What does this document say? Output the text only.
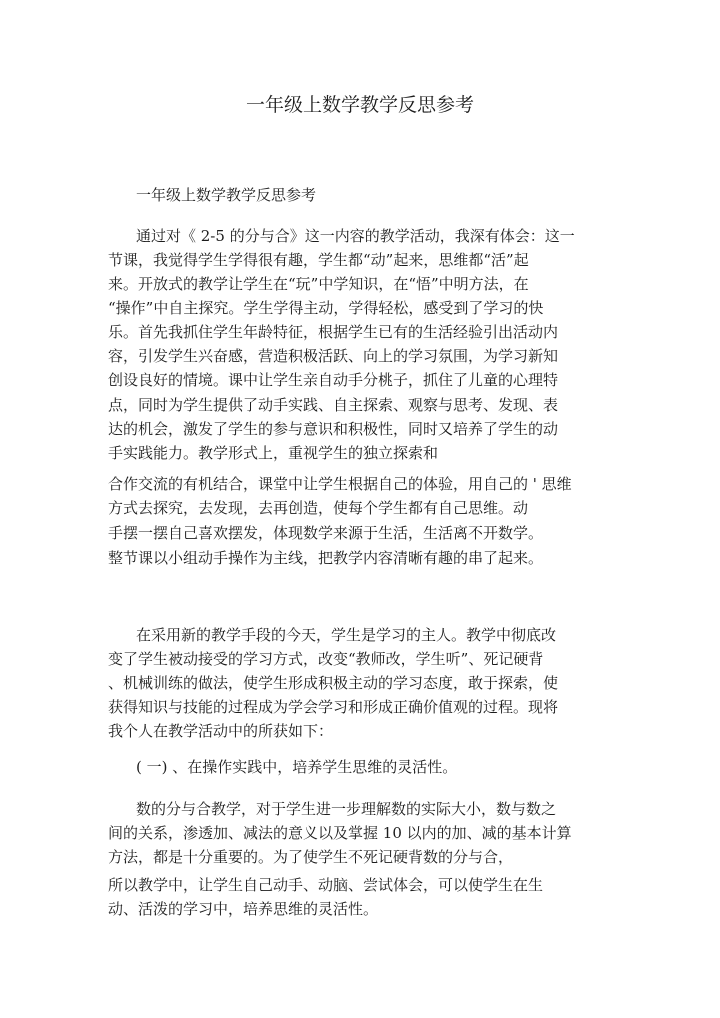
一年级上数学教学反思参考

一年级上数学教学反思参考

通过对《 2-5 的分与合》这一内容的教学活动，我深有体会：这一

节课，我觉得学生学得很有趣，学生都“动”起来，思维都“活”起

来。开放式的教学让学生在“玩”中学知识，在“悟”中明方法，在

“操作”中自主探究。学生学得主动，学得轻松，感受到了学习的快

乐。首先我抓住学生年龄特征，根据学生已有的生活经验引出活动内

容，引发学生兴奋感，营造积极活跃、向上的学习氛围，为学习新知

创设良好的情境。课中让学生亲自动手分桃子，抓住了儿童的心理特

点，同时为学生提供了动手实践、自主探索、观察与思考、发现、表

达的机会，激发了学生的参与意识和积极性，同时又培养了学生的动

手实践能力。教学形式上，重视学生的独立探索和

合作交流的有机结合，课堂中让学生根据自己的体验，用自己的 ' 思维

方式去探究，去发现，去再创造，使每个学生都有自己思维。动

手摆一摆自己喜欢摆发，体现数学来源于生活，生活离不开数学。

整节课以小组动手操作为主线，把教学内容清晰有趣的串了起来。

在采用新的教学手段的今天，学生是学习的主人。教学中彻底改

变了学生被动接受的学习方式，改变“教师改，学生听”、死记硬背

、机械训练的做法，使学生形成积极主动的学习态度，敢于探索，使

获得知识与技能的过程成为学会学习和形成正确价值观的过程。现将

我个人在教学活动中的所获如下：

( 一) 、在操作实践中，培养学生思维的灵活性。

数的分与合教学，对于学生进一步理解数的实际大小，数与数之

间的关系，渗透加、减法的意义以及掌握 10 以内的加、减的基本计算

方法，都是十分重要的。为了使学生不死记硬背数的分与合，

所以教学中，让学生自己动手、动脑、尝试体会，可以使学生在生

动、活泼的学习中，培养思维的灵活性。
